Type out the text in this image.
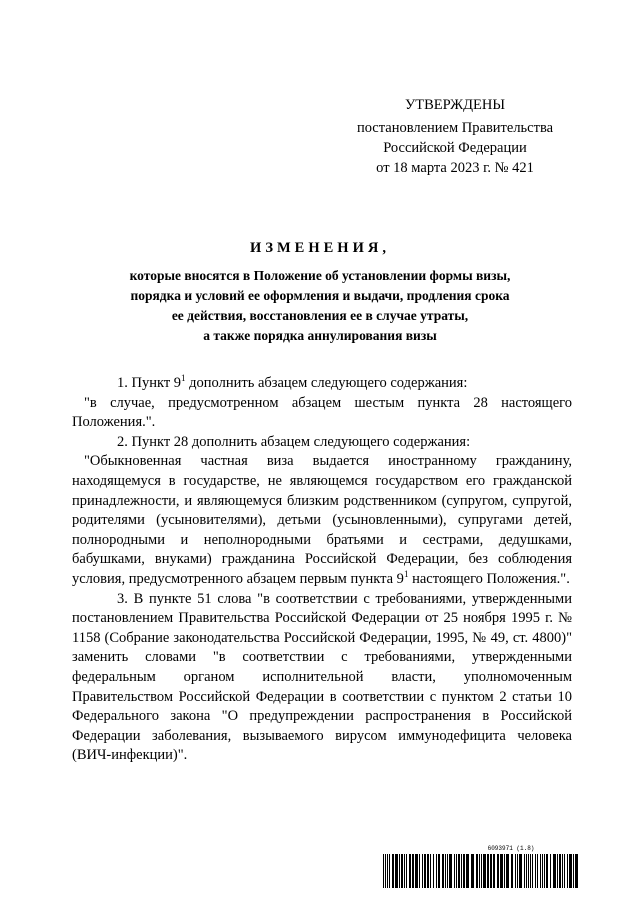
УТВЕРЖДЕНЫ
постановлением Правительства
Российской Федерации
от 18 марта 2023 г. № 421
ИЗМЕНЕНИЯ,
которые вносятся в Положение об установлении формы визы,
порядка и условий ее оформления и выдачи, продления срока
ее действия, восстановления ее в случае утраты,
а также порядка аннулирования визы

1. Пункт $9^1$ дополнить абзацем следующего содержания:

"в случае, предусмотренном абзацем шестым пункта 28 настоящего Положения.".

2. Пункт 28 дополнить абзацем следующего содержания:

"Обыкновенная частная виза выдается иностранному гражданину, находящемуся в государстве, не являющемся государством его гражданской принадлежности, и являющемуся близким родственником (супругом, супругой, родителями (усыновителями), детьми (усыновленными), супругами детей, полнородными и неполнородными братьями и сестрами, дедушками, бабушками, внуками) гражданина Российской Федерации, без соблюдения условия, предусмотренного абзацем первым пункта $9^1$ настоящего Положения.".

3. В пункте 51 слова "в соответствии с требованиями, утвержденными постановлением Правительства Российской Федерации от 25 ноября 1995 г. № 1158 (Собрание законодательства Российской Федерации, 1995, № 49, ст. 4800)" заменить словами "в соответствии с требованиями, утвержденными федеральным органом исполнительной власти, уполномоченным Правительством Российской Федерации в соответствии с пунктом 2 статьи 10 Федерального закона "О предупреждении распространения в Российской Федерации заболевания, вызываемого вирусом иммунодефицита человека (ВИЧ-инфекции)".

6093971 (1.8)
